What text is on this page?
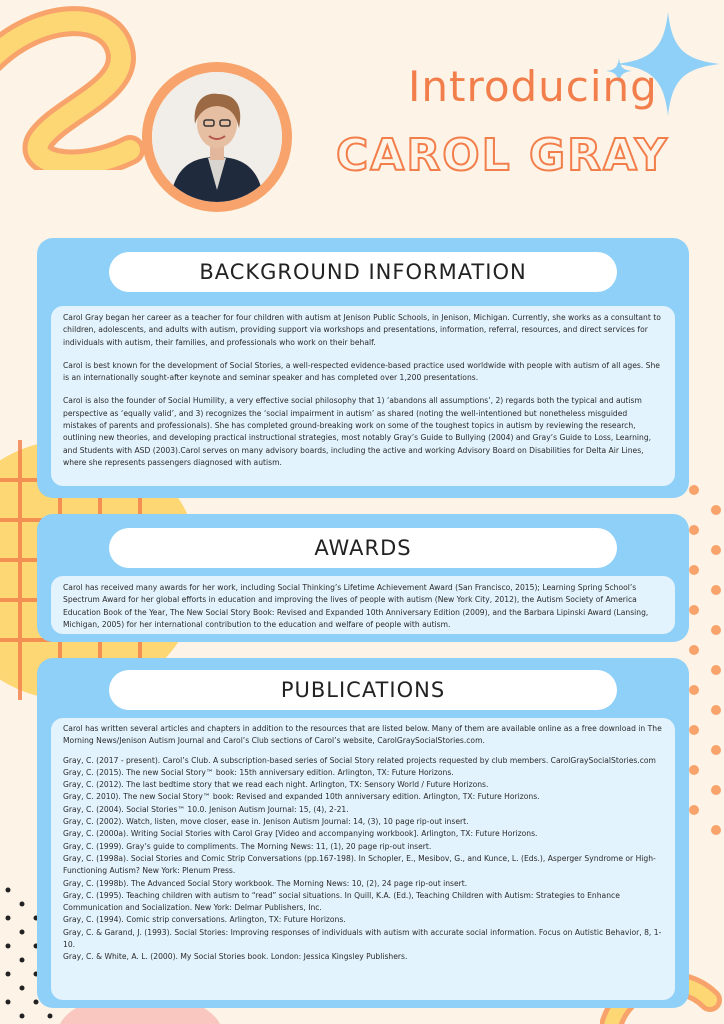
Introducing
CAROL GRAY
BACKGROUND INFORMATION

Carol Gray began her career as a teacher for four children with autism at Jenison Public Schools, in Jenison, Michigan. Currently, she works as a consultant to children, adolescents, and adults with autism, providing support via workshops and presentations, information, referral, resources, and direct services for individuals with autism, their families, and professionals who work on their behalf.

Carol is best known for the development of Social Stories, a well-respected evidence-based practice used worldwide with people with autism of all ages. She is an internationally sought-after keynote and seminar speaker and has completed over 1,200 presentations.

Carol is also the founder of Social Humility, a very effective social philosophy that 1) ‘abandons all assumptions’, 2) regards both the typical and autism perspective as ‘equally valid’, and 3) recognizes the ‘social impairment in autism’ as shared (noting the well-intentioned but nonetheless misguided mistakes of parents and professionals). She has completed ground-breaking work on some of the toughest topics in autism by reviewing the research, outlining new theories, and developing practical instructional strategies, most notably Gray’s Guide to Bullying (2004) and Gray’s Guide to Loss, Learning, and Students with ASD (2003).Carol serves on many advisory boards, including the active and working Advisory Board on Disabilities for Delta Air Lines, where she represents passengers diagnosed with autism.

AWARDS

Carol has received many awards for her work, including Social Thinking’s Lifetime Achievement Award (San Francisco, 2015); Learning Spring School’s Spectrum Award for her global efforts in education and improving the lives of people with autism (New York City, 2012), the Autism Society of America Education Book of the Year, The New Social Story Book: Revised and Expanded 10th Anniversary Edition (2009), and the Barbara Lipinski Award (Lansing, Michigan, 2005) for her international contribution to the education and welfare of people with autism.

PUBLICATIONS

Carol has written several articles and chapters in addition to the resources that are listed below. Many of them are available online as a free download in The Morning News/Jenison Autism Journal and Carol’s Club sections of Carol’s website, CarolGraySocialStories.com.

Gray, C. (2017 - present). Carol’s Club. A subscription-based series of Social Story related projects requested by club members. CarolGraySocialStories.com
Gray, C. (2015). The new Social Story™ book: 15th anniversary edition. Arlington, TX: Future Horizons.
Gray, C. (2012). The last bedtime story that we read each night. Arlington, TX: Sensory World / Future Horizons.
Gray, C. 2010). The new Social Story™ book: Revised and expanded 10th anniversary edition. Arlington, TX: Future Horizons.
Gray, C. (2004). Social Stories™ 10.0. Jenison Autism Journal: 15, (4), 2-21.
Gray, C. (2002). Watch, listen, move closer, ease in. Jenison Autism Journal: 14, (3), 10 page rip-out insert.
Gray, C. (2000a). Writing Social Stories with Carol Gray [Video and accompanying workbook]. Arlington, TX: Future Horizons.
Gray, C. (1999). Gray’s guide to compliments. The Morning News: 11, (1), 20 page rip-out insert.
Gray, C. (1998a). Social Stories and Comic Strip Conversations (pp.167-198). In Schopler, E., Mesibov, G., and Kunce, L. (Eds.), Asperger Syndrome or High-Functioning Autism? New York: Plenum Press.
Gray, C. (1998b). The Advanced Social Story workbook. The Morning News: 10, (2), 24 page rip-out insert.
Gray, C. (1995). Teaching children with autism to “read” social situations. In Quill, K.A. (Ed.), Teaching Children with Autism: Strategies to Enhance Communication and Socialization. New York: Delmar Publishers, Inc.
Gray, C. (1994). Comic strip conversations. Arlington, TX: Future Horizons.
Gray, C. & Garand, J. (1993). Social Stories: Improving responses of individuals with autism with accurate social information. Focus on Autistic Behavior, 8, 1-10.
Gray, C. & White, A. L. (2000). My Social Stories book. London: Jessica Kingsley Publishers.
